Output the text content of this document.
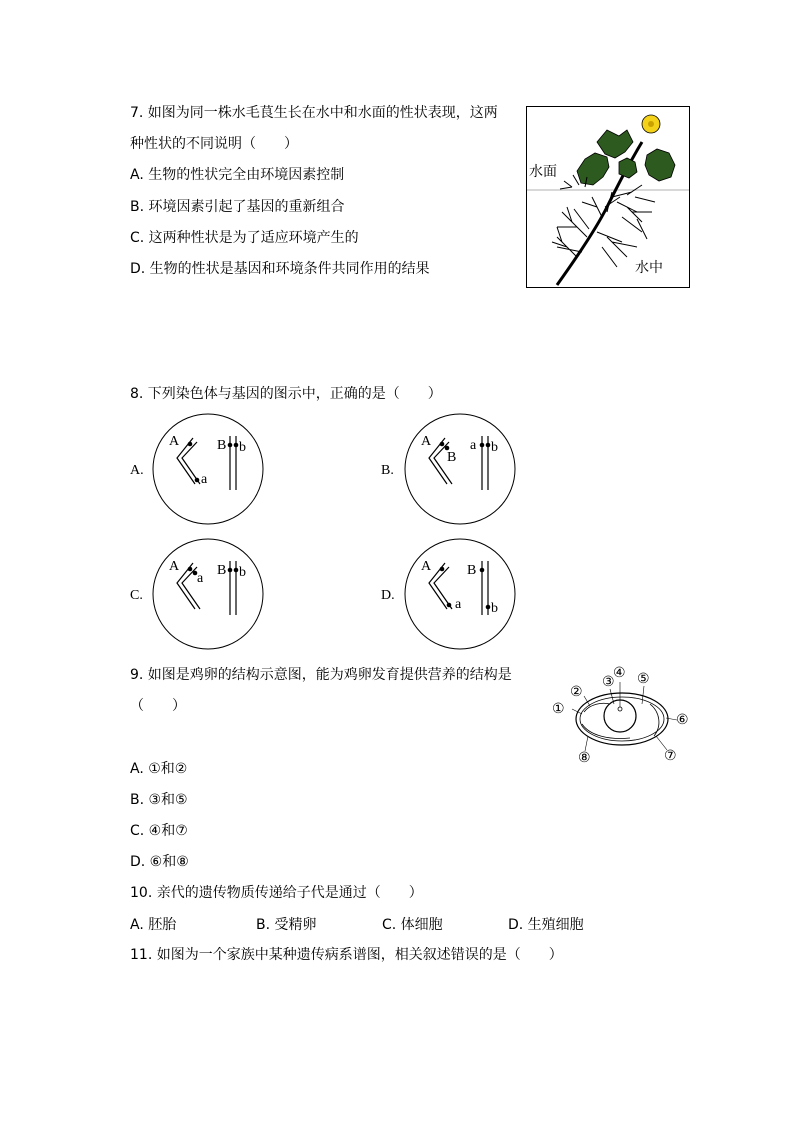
7. 如图为同一株水毛茛生长在水中和水面的性状表现，这两
种性状的不同说明（　　）
A. 生物的性状完全由环境因素控制
B. 环境因素引起了基因的重新组合
C. 这两种性状是为了适应环境产生的
D. 生物的性状是基因和环境条件共同作用的结果
水面
水中
8. 下列染色体与基因的图示中，正确的是（　　）
A.
A
a
B b
B.
A
B
a b
C.
A
a
B b
D.
A
a
B
b
9. 如图是鸡卵的结构示意图，能为鸡卵发育提供营养的结构是
（　　）
A. ①和②
B. ③和⑤
C. ④和⑦
D. ⑥和⑧
①
②
③
④ ⑤
⑥
⑦
⑧
10. 亲代的遗传物质传递给子代是通过（　　）
A. 胚胎	B. 受精卵	C. 体细胞	D. 生殖细胞
11. 如图为一个家族中某种遗传病系谱图，相关叙述错误的是（　　）
